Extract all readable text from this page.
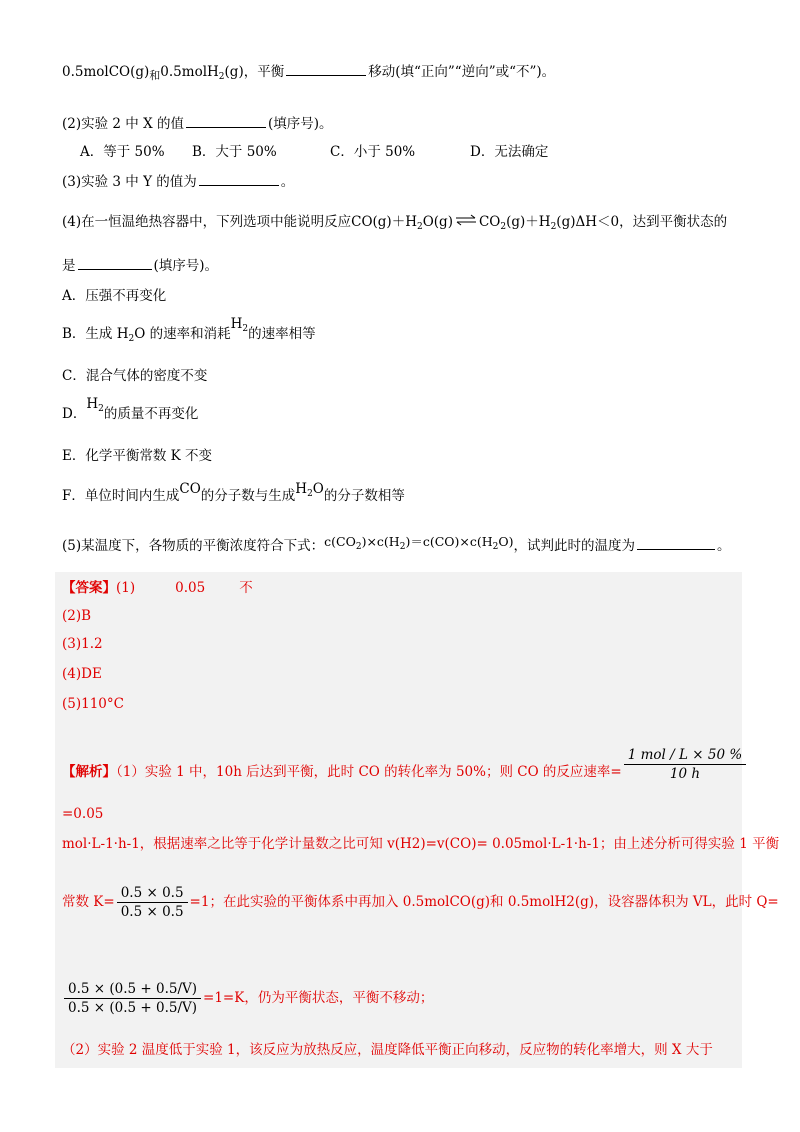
$0.5molCO(g)_和0.5molH_2(g)$，平衡	移动(填“正向”“逆向”或“不”)。
(2)实验 2 中 X 的值	(填序号)。
A．等于 50% B．大于 50%	C．小于 50%	D．无法确定
(3)实验 3 中 Y 的值为	。
(4)在一恒温绝热容器中，下列选项中能说明反应$CO(g)+H_2O(g)$ ⇌ $CO_2(g)+H_2(g)\Delta H<0$，达到平衡状态的
是	(填序号)。
A．压强不再变化
B．生成 $H_2O$ 的速率和消耗$H_2$的速率相等
C．混合气体的密度不变
D．$H_2$的质量不再变化
E．化学平衡常数 K 不变
F．单位时间内生成CO的分子数与生成$H_2O$的分子数相等
(5)某温度下，各物质的平衡浓度符合下式：$c(CO_2)\times c(H_2)=c(CO)\times c(H_2O)$，试判此时的温度为	。
【答案】(1)	0.05	不
(2)B
(3)1.2
(4)DE
(5)110°C
【解析】（1）实验 1 中，10h 后达到平衡，此时 CO 的转化率为 50%；则 CO 的反应速率= $\frac{\text{1 mol / L × 50 \%}}{10 h}$
=0.05
mol·L-1·h-1，根据速率之比等于化学计量数之比可知 v(H2)=v(CO)= 0.05mol·L-1·h-1；由上述分析可得实验 1 平衡
常数 $K= \frac{0.5 \times 0.5}{0.5 \times 0.5} =1$；在此实验的平衡体系中再加入 0.5molCO(g)和 0.5molH2(g)，设容器体积为 VL，此时 Q=
$\frac{0.5 \times (0.5 + 0.5/V)}{0.5 \times (0.5 + 0.5/V)} =1=K$，仍为平衡状态，平衡不移动；
（2）实验 2 温度低于实验 1，该反应为放热反应，温度降低平衡正向移动，反应物的转化率增大，则 X 大于
